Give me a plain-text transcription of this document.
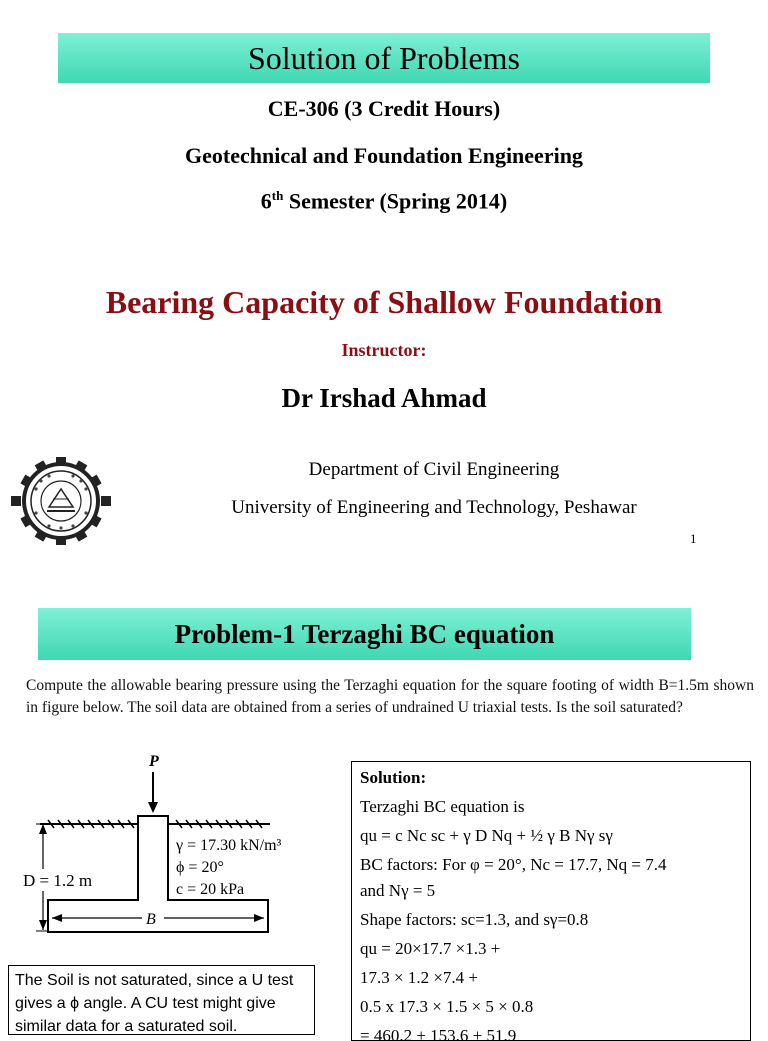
Solution of Problems
CE-306 (3 Credit Hours)
Geotechnical and Foundation Engineering
6th Semester (Spring 2014)
Bearing Capacity of Shallow Foundation
Instructor:
Dr Irshad Ahmad
Department of Civil Engineering
University of Engineering and Technology, Peshawar
1
Problem-1 Terzaghi BC equation
Compute the allowable bearing pressure using the Terzaghi equation for the square footing of width B=1.5m shown in figure below. The soil data are obtained from a series of undrained U triaxial tests. Is the soil saturated?
P
D = 1.2 m
γ = 17.30 kN/m³
ϕ = 20°
c = 20 kPa
B
Solution:
Terzaghi BC equation is
qu = c Nc sc + γ D Nq + ½ γ B Nγ sγ
BC factors: For φ = 20°, Nc = 17.7, Nq = 7.4
and Nγ = 5
Shape factors: sc=1.3, and sγ=0.8
qu = 20×17.7 ×1.3 +
17.3 × 1.2 ×7.4 +
0.5 x 17.3 × 1.5 × 5 × 0.8
= 460.2 + 153.6 + 51.9
The Soil is not saturated, since a U test gives a ϕ angle. A CU test might give similar data for a saturated soil.
